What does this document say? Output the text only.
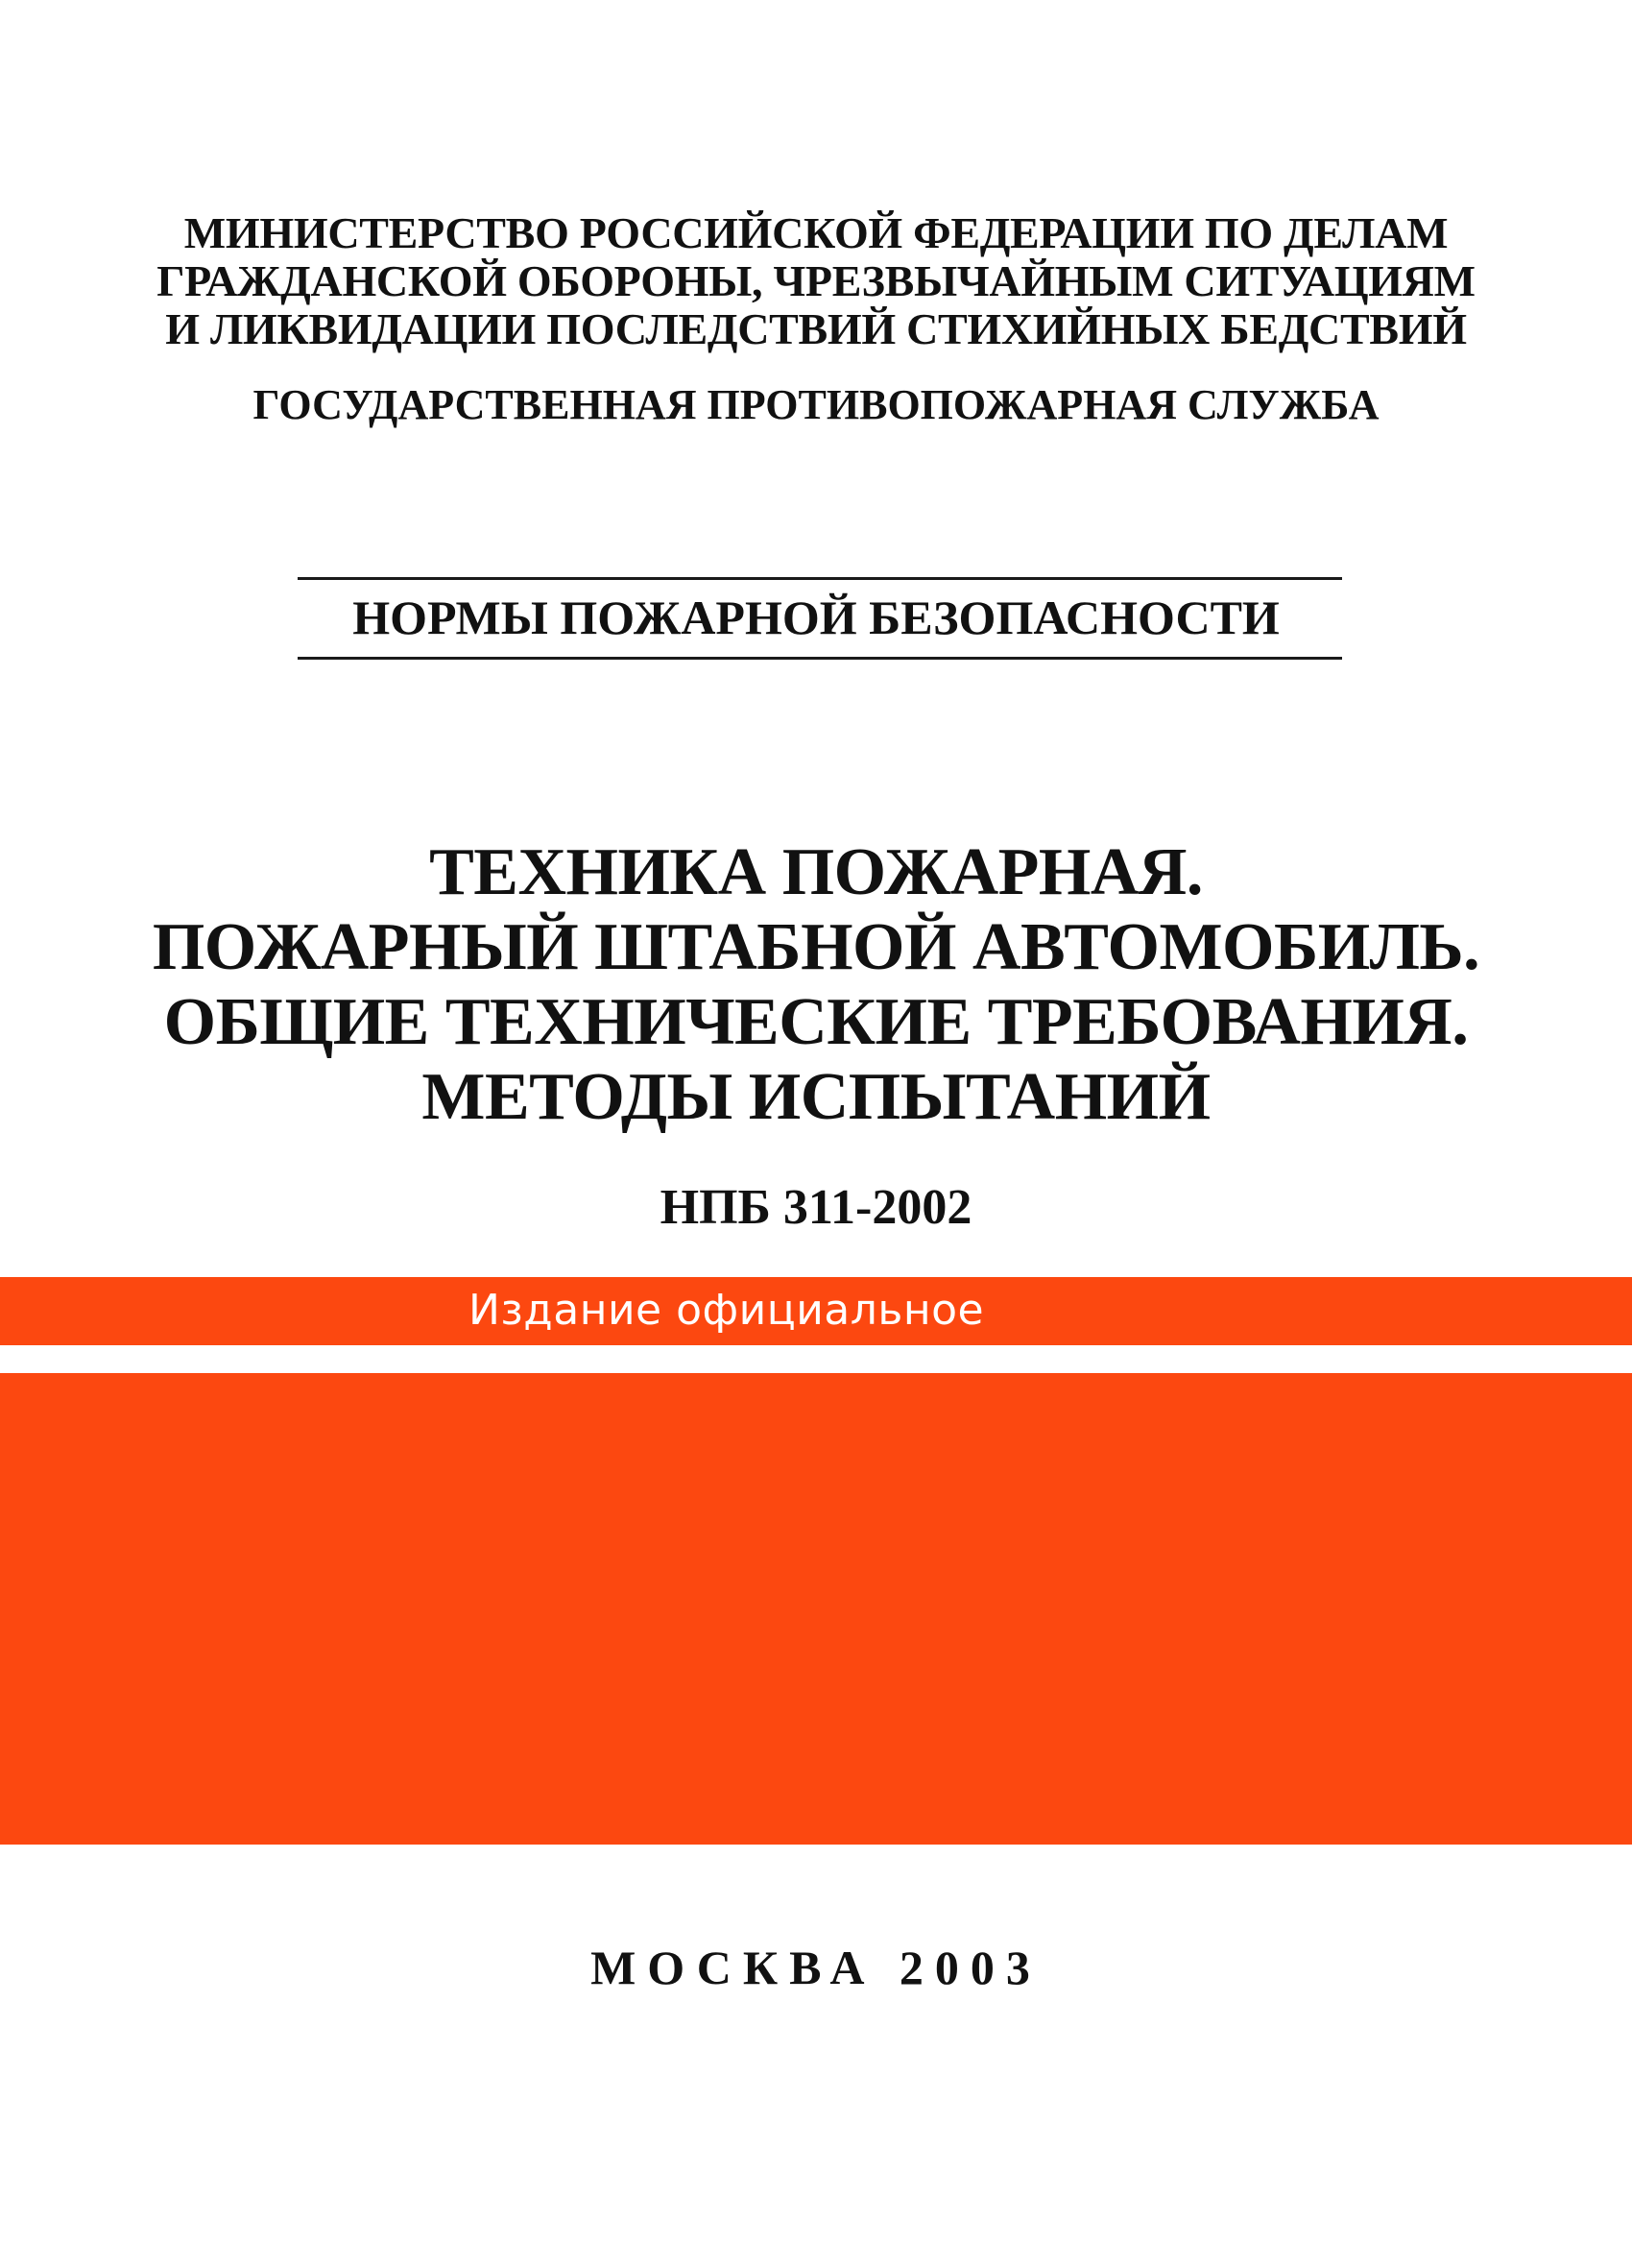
МИНИСТЕРСТВО РОССИЙСКОЙ ФЕДЕРАЦИИ ПО ДЕЛАМ
ГРАЖДАНСКОЙ ОБОРОНЫ, ЧРЕЗВЫЧАЙНЫМ СИТУАЦИЯМ
И ЛИКВИДАЦИИ ПОСЛЕДСТВИЙ СТИХИЙНЫХ БЕДСТВИЙ
ГОСУДАРСТВЕННАЯ ПРОТИВОПОЖАРНАЯ СЛУЖБА
НОРМЫ ПОЖАРНОЙ БЕЗОПАСНОСТИ
ТЕХНИКА ПОЖАРНАЯ.
ПОЖАРНЫЙ ШТАБНОЙ АВТОМОБИЛЬ.
ОБЩИЕ ТЕХНИЧЕСКИЕ ТРЕБОВАНИЯ.
МЕТОДЫ ИСПЫТАНИЙ
НПБ 311-2002
Издание официальное
МОСКВА 2003
